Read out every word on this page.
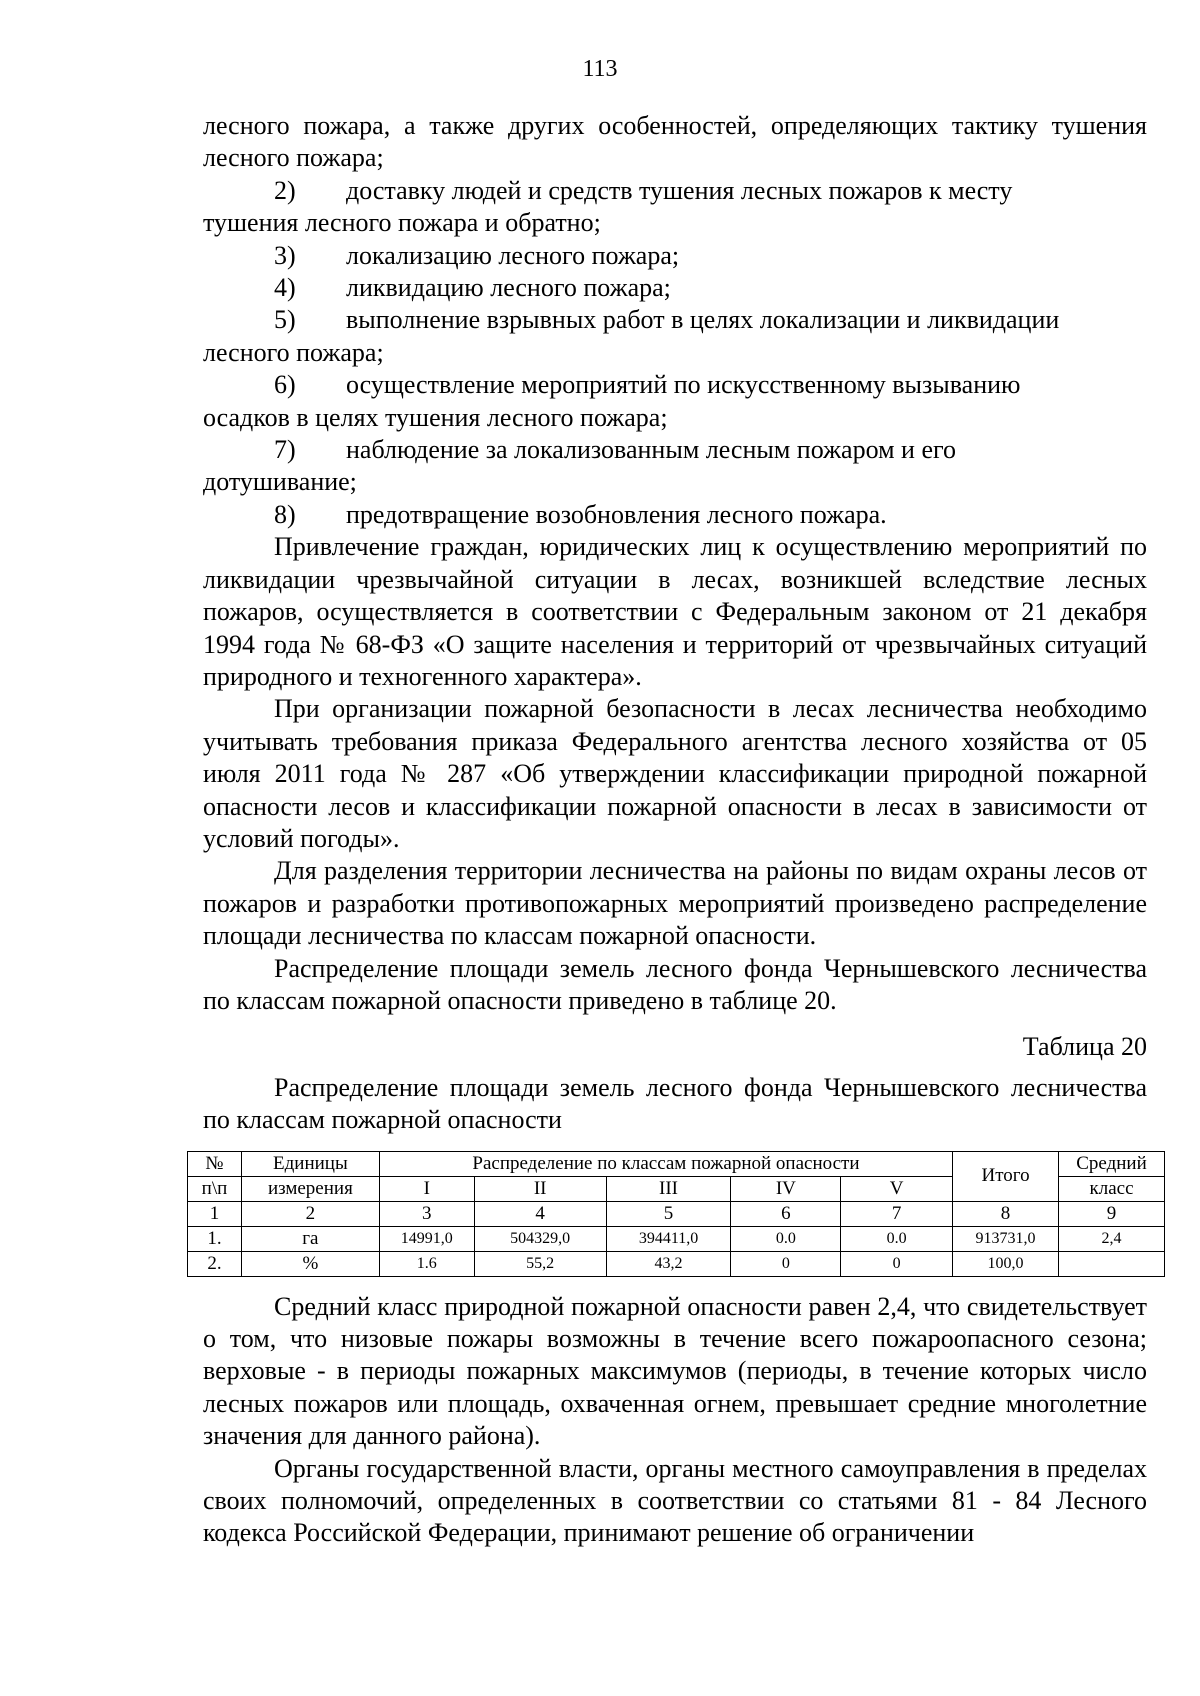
113

лесного пожара, а также других особенностей, определяющих тактику тушения лесного пожара;

2)	доставку людей и средств тушения лесных пожаров к месту

тушения лесного пожара и обратно;

3)	локализацию лесного пожара;
4)	ликвидацию лесного пожара;
5)	выполнение взрывных работ в целях локализации и ликвидации

лесного пожара;

6)	осуществление мероприятий по искусственному вызыванию

осадков в целях тушения лесного пожара;

7)	наблюдение за локализованным лесным пожаром и его

дотушивание;

8)	предотвращение возобновления лесного пожара.

Привлечение граждан, юридических лиц к осуществлению мероприятий по ликвидации чрезвычайной ситуации в лесах, возникшей вследствие лесных пожаров, осуществляется в соответствии с Федеральным законом от 21 декабря 1994 года № 68-ФЗ «О защите населения и территорий от чрезвычайных ситуаций природного и техногенного характера».

При организации пожарной безопасности в лесах лесничества необходимо учитывать требования приказа Федерального агентства лесного хозяйства от 05 июля 2011 года № 287 «Об утверждении классификации природной пожарной опасности лесов и классификации пожарной опасности в лесах в зависимости от условий погоды».

Для разделения территории лесничества на районы по видам охраны лесов от пожаров и разработки противопожарных мероприятий произведено распределение площади лесничества по классам пожарной опасности.

Распределение площади земель лесного фонда Чернышевского лесничества по классам пожарной опасности приведено в таблице 20.

Таблица 20

Распределение площади земель лесного фонда Чернышевского лесничества по классам пожарной опасности

№	Единицы	Распределение по классам пожарной опасности					Итого	Средний
п\п	измерения	I	II	III	IV	V		класс
1	2	3	4	5	6	7	8	9
1.	га	14991,0	504329,0	394411,0	0.0	0.0	913731,0	2,4
2.	%	1.6	55,2	43,2	0	0	100,0	

Средний класс природной пожарной опасности равен 2,4, что свидетельствует о том, что низовые пожары возможны в течение всего пожароопасного сезона; верховые - в периоды пожарных максимумов (периоды, в течение которых число лесных пожаров или площадь, охваченная огнем, превышает средние многолетние значения для данного района).

Органы государственной власти, органы местного самоуправления в пределах своих полномочий, определенных в соответствии со статьями 81 - 84 Лесного кодекса Российской Федерации, принимают решение об ограничении
